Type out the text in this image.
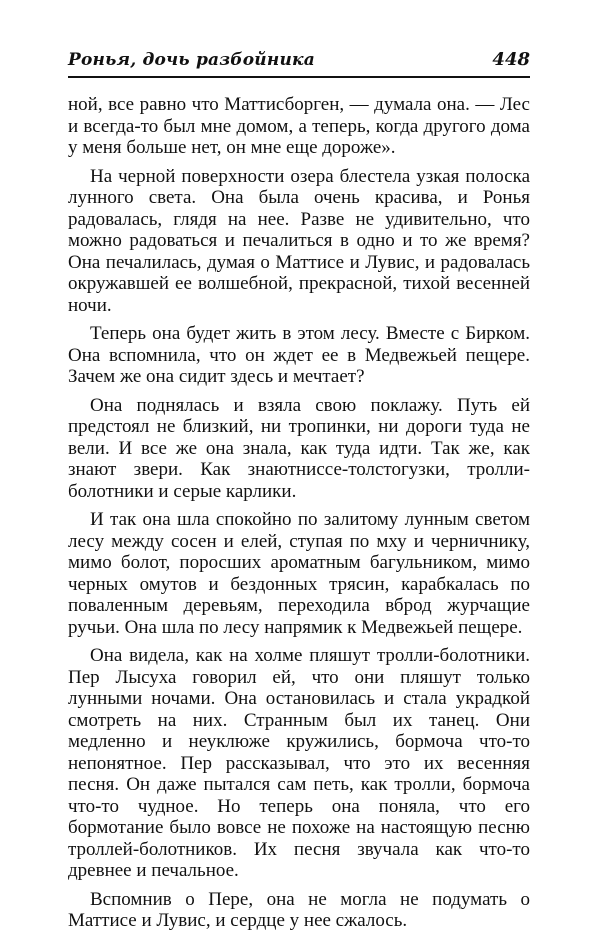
Ронья, дочь разбойника	448

ной, все равно что Маттисборген, — думала она. — Лес и всегда-то был мне домом, а теперь, когда другого дома у меня больше нет, он мне еще дороже».

На черной поверхности озера блестела узкая полоска лунного света. Она была очень красива, и Ронья радовалась, глядя на нее. Разве не удивительно, что можно радоваться и печалиться в одно и то же время? Она печалилась, думая о Маттисе и Лувис, и радовалась окружавшей ее волшебной, прекрасной, тихой весенней ночи.

Теперь она будет жить в этом лесу. Вместе с Бирком. Она вспомнила, что он ждет ее в Медвежьей пещере. Зачем же она сидит здесь и мечтает?

Она поднялась и взяла свою поклажу. Путь ей предстоял не близкий, ни тропинки, ни дороги туда не вели. И все же она знала, как туда идти. Так же, как знают звери. Как знаютниссе-толстогузки, тролли-болотники и серые карлики.

И так она шла спокойно по залитому лунным светом лесу между сосен и елей, ступая по мху и черничнику, мимо болот, поросших ароматным багульником, мимо черных омутов и бездонных трясин, карабкалась по поваленным деревьям, переходила вброд журчащие ручьи. Она шла по лесу напрямик к Медвежьей пещере.

Она видела, как на холме пляшут тролли-болотники. Пер Лысуха говорил ей, что они пляшут только лунными ночами. Она остановилась и стала украдкой смотреть на них. Странным был их танец. Они медленно и неуклюже кружились, бормоча что-то непонятное. Пер рассказывал, что это их весенняя песня. Он даже пытался сам петь, как тролли, бормоча что-то чудное. Но теперь она поняла, что его бормотание было вовсе не похоже на настоящую песню троллей-болотников. Их песня звучала как что-то древнее и печальное.

Вспомнив о Пере, она не могла не подумать о Маттисе и Лувис, и сердце у нее сжалось.
